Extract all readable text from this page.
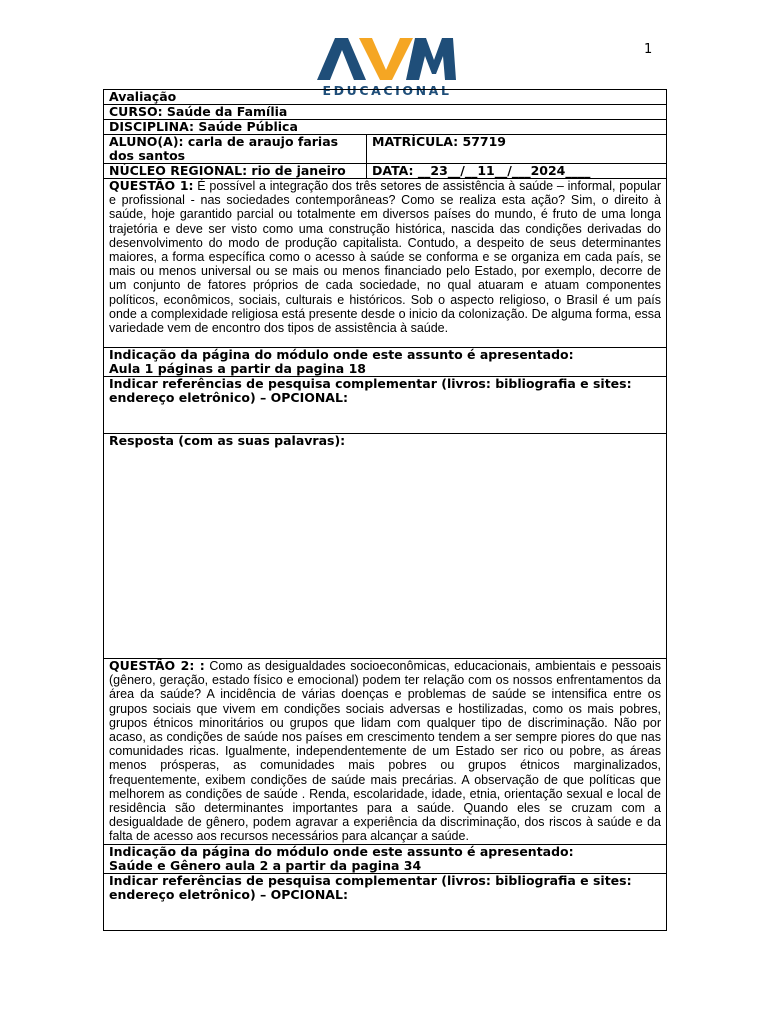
1
EDUCACIONAL
Avaliação	
CURSO: Saúde da Família	
DISCIPLINA: Saúde Pública	
ALUNO(A): carla de araujo farias dos santos	MATRÍCULA: 57719
NÚCLEO REGIONAL: rio de janeiro	DATA: __23__/__11__/___2024____
QUESTÃO 1: É possível a integração dos três setores de assistência à saúde – informal, popular e profissional - nas sociedades contemporâneas? Como se realiza esta ação? Sim, o direito à saúde, hoje garantido parcial ou totalmente em diversos países do mundo, é fruto de uma longa trajetória e deve ser visto como uma construção histórica, nascida das condições derivadas do desenvolvimento do modo de produção capitalista. Contudo, a despeito de seus determinantes maiores, a forma específica como o acesso à saúde se conforma e se organiza em cada país, se mais ou menos universal ou se mais ou menos financiado pelo Estado, por exemplo, decorre de um conjunto de fatores próprios de cada sociedade, no qual atuaram e atuam componentes políticos, econômicos, sociais, culturais e históricos. Sob o aspecto religioso, o Brasil é um país onde a complexidade religiosa está presente desde o inicio da colonização. De alguma forma, essa variedade vem de encontro dos tipos de assistência à saúde.	

Indicação da página do módulo onde este assunto é apresentado:
Aula 1 páginas a partir da pagina 18	

Indicar referências de pesquisa complementar (livros: bibliografia e sites: endereço eletrônico) – OPCIONAL:	
Resposta (com as suas palavras):	
QUESTÃO 2: : Como as desigualdades socioeconômicas, educacionais, ambientais e pessoais (gênero, geração, estado físico e emocional) podem ter relação com os nossos enfrentamentos da área da saúde? A incidência de várias doenças e problemas de saúde se intensifica entre os grupos sociais que vivem em condições sociais adversas e hostilizadas, como os mais pobres, grupos étnicos minoritários ou grupos que lidam com qualquer tipo de discriminação. Não por acaso, as condições de saúde nos países em crescimento tendem a ser sempre piores do que nas comunidades ricas. Igualmente, independentemente de um Estado ser rico ou pobre, as áreas menos prósperas, as comunidades mais pobres ou grupos étnicos marginalizados, frequentemente, exibem condições de saúde mais precárias. A observação de que políticas que melhorem as condições de saúde . Renda, escolaridade, idade, etnia, orientação sexual e local de residência são determinantes importantes para a saúde. Quando eles se cruzam com a desigualdade de gênero, podem agravar a experiência da discriminação, dos riscos à saúde e da falta de acesso aos recursos necessários para alcançar a saúde.	

Indicação da página do módulo onde este assunto é apresentado:
Saúde e Gênero aula 2 a partir da pagina 34	

Indicar referências de pesquisa complementar (livros: bibliografia e sites: endereço eletrônico) – OPCIONAL:	
